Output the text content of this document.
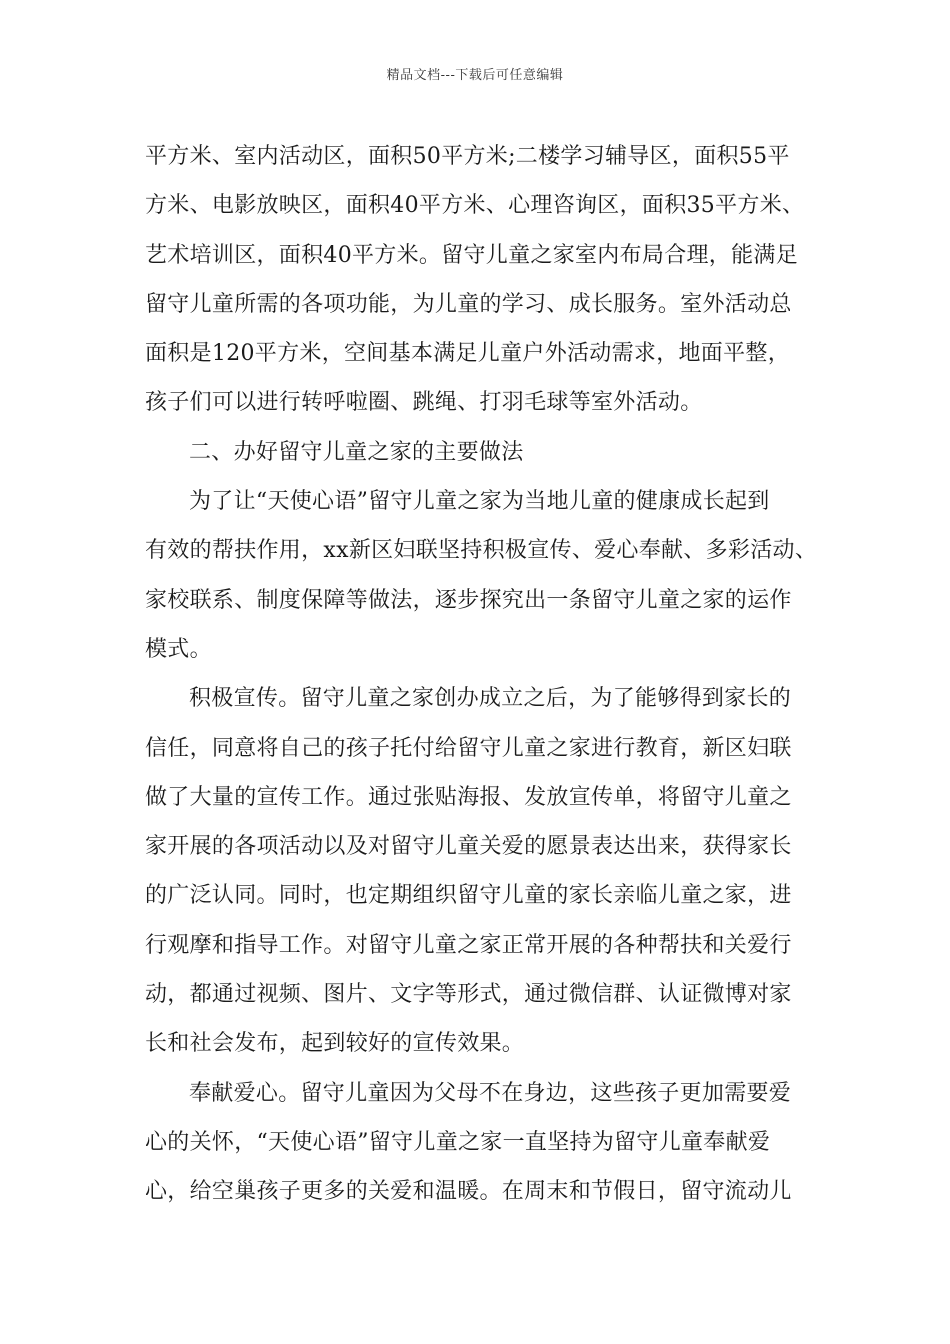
精品文档---下载后可任意编辑
平方米、室内活动区，面积50平方米;二楼学习辅导区，面积55平
方米、电影放映区，面积40平方米、心理咨询区，面积35平方米、
艺术培训区，面积40平方米。留守儿童之家室内布局合理，能满足
留守儿童所需的各项功能，为儿童的学习、成长服务。室外活动总
面积是120平方米，空间基本满足儿童户外活动需求，地面平整，
孩子们可以进行转呼啦圈、跳绳、打羽毛球等室外活动。
二、办好留守儿童之家的主要做法
为了让“天使心语”留守儿童之家为当地儿童的健康成长起到
有效的帮扶作用，xx新区妇联坚持积极宣传、爱心奉献、多彩活动、
家校联系、制度保障等做法，逐步探究出一条留守儿童之家的运作
模式。
积极宣传。留守儿童之家创办成立之后，为了能够得到家长的
信任，同意将自己的孩子托付给留守儿童之家进行教育，新区妇联
做了大量的宣传工作。通过张贴海报、发放宣传单，将留守儿童之
家开展的各项活动以及对留守儿童关爱的愿景表达出来，获得家长
的广泛认同。同时，也定期组织留守儿童的家长亲临儿童之家，进
行观摩和指导工作。对留守儿童之家正常开展的各种帮扶和关爱行
动，都通过视频、图片、文字等形式，通过微信群、认证微博对家
长和社会发布，起到较好的宣传效果。
奉献爱心。留守儿童因为父母不在身边，这些孩子更加需要爱
心的关怀，“天使心语”留守儿童之家一直坚持为留守儿童奉献爱
心，给空巢孩子更多的关爱和温暖。在周末和节假日，留守流动儿
